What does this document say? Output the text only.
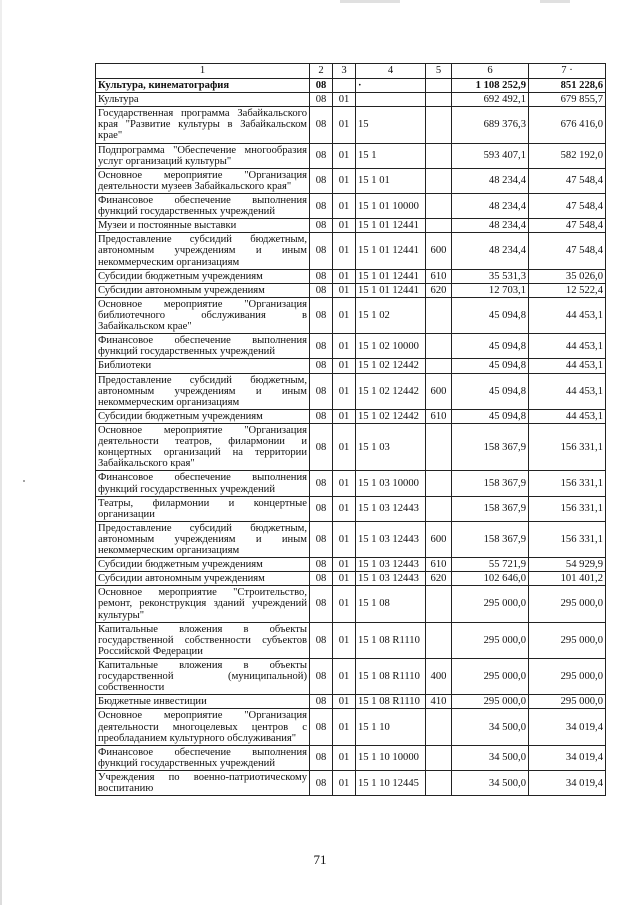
1	2	3	4	5	6	7 ·
Культура, кинематография	08		·		1 108 252,9	851 228,6
Культура	08	01			692 492,1	679 855,7
Государственная программа Забайкальского края "Развитие культуры в Забайкальском крае"	08	01	15		689 376,3	676 416,0
Подпрограмма "Обеспечение многообразия услуг организаций культуры"	08	01	15 1		593 407,1	582 192,0
Основное мероприятие "Организация деятельности музеев Забайкальского края"	08	01	15 1 01		48 234,4	47 548,4
Финансовое обеспечение выполнения функций государственных учреждений	08	01	15 1 01 10000		48 234,4	47 548,4
Музеи и постоянные выставки	08	01	15 1 01 12441		48 234,4	47 548,4
Предоставление субсидий бюджетным, автономным учреждениям и иным некоммерческим организациям	08	01	15 1 01 12441	600	48 234,4	47 548,4
Субсидии бюджетным учреждениям	08	01	15 1 01 12441	610	35 531,3	35 026,0
Субсидии автономным учреждениям	08	01	15 1 01 12441	620	12 703,1	12 522,4
Основное мероприятие "Организация библиотечного обслуживания в Забайкальском крае"	08	01	15 1 02		45 094,8	44 453,1
Финансовое обеспечение выполнения функций государственных учреждений	08	01	15 1 02 10000		45 094,8	44 453,1
Библиотеки	08	01	15 1 02 12442		45 094,8	44 453,1
Предоставление субсидий бюджетным, автономным учреждениям и иным некоммерческим организациям	08	01	15 1 02 12442	600	45 094,8	44 453,1
Субсидии бюджетным учреждениям	08	01	15 1 02 12442	610	45 094,8	44 453,1
Основное мероприятие "Организация деятельности театров, филармонии и концертных организаций на территории Забайкальского края"	08	01	15 1 03		158 367,9	156 331,1
Финансовое обеспечение выполнения функций государственных учреждений	08	01	15 1 03 10000		158 367,9	156 331,1
Театры, филармонии и концертные организации	08	01	15 1 03 12443		158 367,9	156 331,1
Предоставление субсидий бюджетным, автономным учреждениям и иным некоммерческим организациям	08	01	15 1 03 12443	600	158 367,9	156 331,1
Субсидии бюджетным учреждениям	08	01	15 1 03 12443	610	55 721,9	54 929,9
Субсидии автономным учреждениям	08	01	15 1 03 12443	620	102 646,0	101 401,2
Основное мероприятие "Строительство, ремонт, реконструкция зданий учреждений культуры"	08	01	15 1 08		295 000,0	295 000,0
Капитальные вложения в объекты государственной собственности субъектов Российской Федерации	08	01	15 1 08 R1110		295 000,0	295 000,0
Капитальные вложения в объекты государственной (муниципальной) собственности	08	01	15 1 08 R1110	400	295 000,0	295 000,0
Бюджетные инвестиции	08	01	15 1 08 R1110	410	295 000,0	295 000,0
Основное мероприятие "Организация деятельности многоцелевых центров с преобладанием культурного обслуживания"	08	01	15 1 10		34 500,0	34 019,4
Финансовое обеспечение выполнения функций государственных учреждений	08	01	15 1 10 10000		34 500,0	34 019,4
Учреждения по военно-патриотическому воспитанию	08	01	15 1 10 12445		34 500,0	34 019,4
71
